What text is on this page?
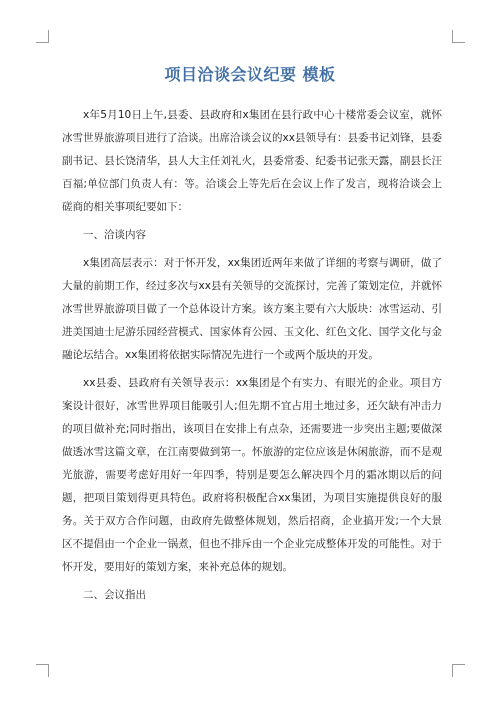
项目洽谈会议纪要 模板

x年5月10日上午,县委、县政府和x集团在县行政中心十楼常委会议室，就怀冰雪世界旅游项目进行了洽谈。出席洽谈会议的xx县领导有：县委书记刘锋，县委副书记、县长饶清华，县人大主任刘礼火，县委常委、纪委书记张天露，副县长汪百福;单位部门负责人有：等。洽谈会上等先后在会议上作了发言，现将洽谈会上磋商的相关事项纪要如下：

一、洽谈内容

x集团高层表示：对于怀开发，xx集团近两年来做了详细的考察与调研，做了大量的前期工作，经过多次与xx县有关领导的交流探讨，完善了策划定位，并就怀冰雪世界旅游项目做了一个总体设计方案。该方案主要有六大版块：冰雪运动、引进美国迪士尼游乐园经营模式、国家体育公园、玉文化、红色文化、国学文化与金融论坛结合。xx集团将依据实际情况先进行一个或两个版块的开发。

xx县委、县政府有关领导表示：xx集团是个有实力、有眼光的企业。项目方案设计很好，冰雪世界项目能吸引人;但先期不宜占用土地过多，还欠缺有冲击力的项目做补充;同时指出，该项目在安排上有点杂，还需要进一步突出主题;要做深做透冰雪这篇文章，在江南要做到第一。怀旅游的定位应该是休闲旅游，而不是观光旅游，需要考虑好用好一年四季，特别是要怎么解决四个月的霜冰期以后的问题，把项目策划得更具特色。政府将积极配合xx集团，为项目实施提供良好的服务。关于双方合作问题，由政府先做整体规划，然后招商，企业搞开发;一个大景区不提倡由一个企业一锅煮，但也不排斥由一个企业完成整体开发的可能性。对于怀开发，要用好的策划方案，来补充总体的规划。

二、会议指出
